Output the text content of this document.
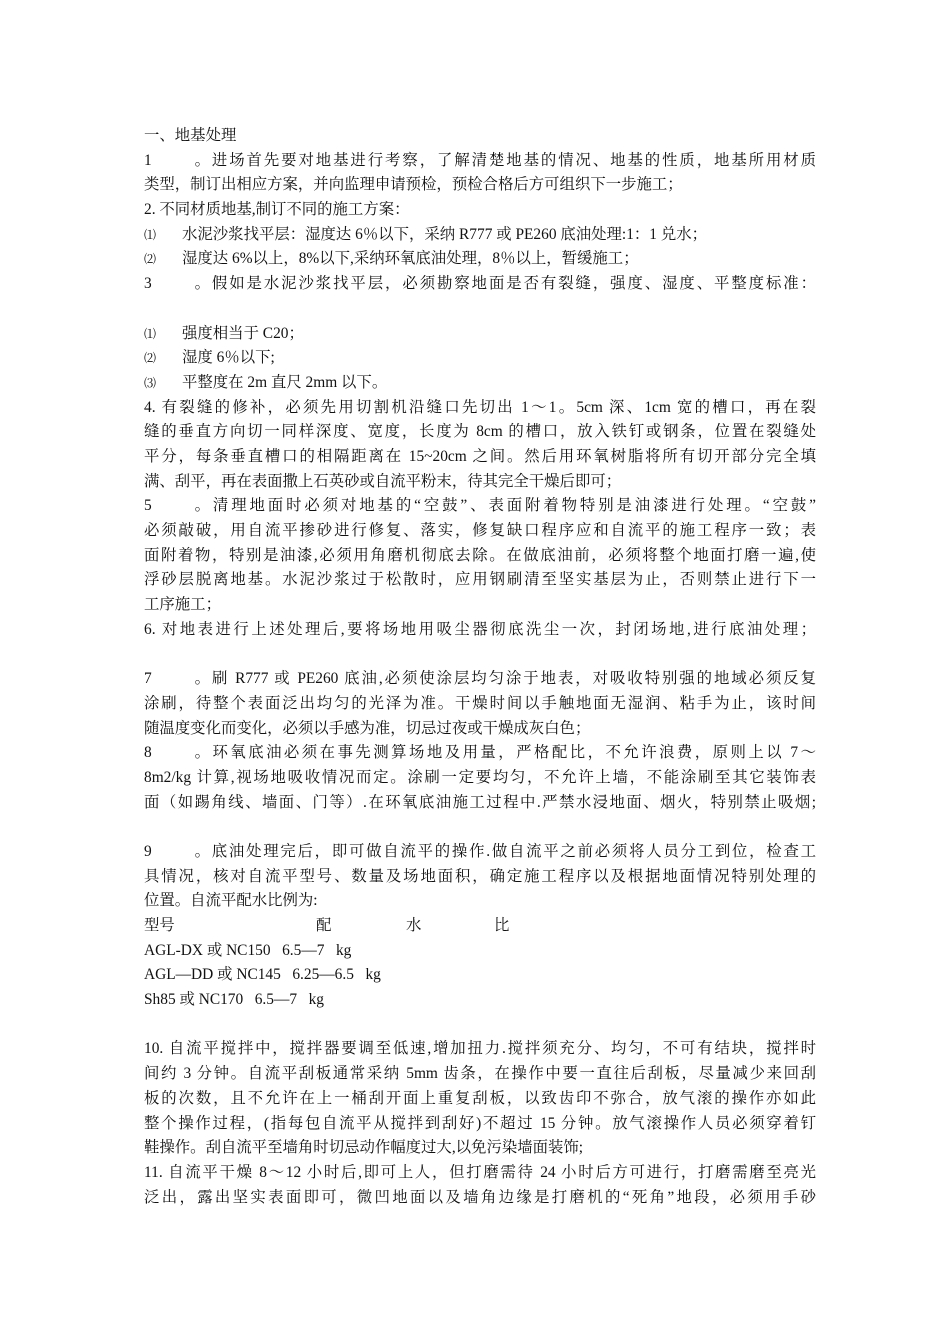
一、地基处理
1。进场首先要对地基进行考察，了解清楚地基的情况、地基的性质，地基所用材质
类型，制订出相应方案，并向监理申请预检，预检合格后方可组织下一步施工；
2. 不同材质地基,制订不同的施工方案：
⑴ 水泥沙浆找平层：湿度达 6％以下，采纳 R777 或 PE260 底油处理:1：1 兑水；
⑵ 湿度达 6%以上，8%以下,采纳环氧底油处理，8％以上，暂缓施工；
3。假如是水泥沙浆找平层，必须勘察地面是否有裂缝，强度、湿度、平整度标准：
⑴ 强度相当于 C20；
⑵ 湿度 6％以下;
⑶ 平整度在 2m 直尺 2mm 以下。
4. 有裂缝的修补，必须先用切割机沿缝口先切出 1～1。5cm 深、1cm 宽的槽口，再在裂
缝的垂直方向切一同样深度、宽度，长度为 8cm 的槽口，放入铁钉或钢条，位置在裂缝处
平分，每条垂直槽口的相隔距离在 15~20cm 之间。然后用环氧树脂将所有切开部分完全填
满、刮平，再在表面撒上石英砂或自流平粉末，待其完全干燥后即可；
5。清理地面时必须对地基的“空鼓”、表面附着物特别是油漆进行处理。“空鼓”
必须敲破，用自流平掺砂进行修复、落实，修复缺口程序应和自流平的施工程序一致；表
面附着物，特别是油漆,必须用角磨机彻底去除。在做底油前，必须将整个地面打磨一遍,使
浮砂层脱离地基。水泥沙浆过于松散时，应用钢刷清至坚实基层为止，否则禁止进行下一
工序施工；
6. 对地表进行上述处理后,要将场地用吸尘器彻底洗尘一次，封闭场地,进行底油处理；
7。刷 R777 或 PE260 底油,必须使涂层均匀涂于地表，对吸收特别强的地域必须反复
涂刷，待整个表面泛出均匀的光泽为准。干燥时间以手触地面无湿润、粘手为止，该时间
随温度变化而变化，必须以手感为准，切忌过夜或干燥成灰白色；
8。环氧底油必须在事先测算场地及用量，严格配比，不允许浪费，原则上以 7～
8m2/kg 计算,视场地吸收情况而定。涂刷一定要均匀，不允许上墙，不能涂刷至其它装饰表
面（如踢角线、墙面、门等）.在环氧底油施工过程中.严禁水浸地面、烟火，特别禁止吸烟;
9。底油处理完后，即可做自流平的操作.做自流平之前必须将人员分工到位，检查工
具情况，核对自流平型号、数量及场地面积，确定施工程序以及根据地面情况特别处理的
位置。自流平配水比例为:
型号	配	水	比
AGL-DX 或 NC150   6.5—7   kg
AGL—DD 或 NC145   6.25—6.5   kg
Sh85 或 NC170   6.5—7   kg
10. 自流平搅拌中，搅拌器要调至低速,增加扭力.搅拌须充分、均匀，不可有结块，搅拌时
间约 3 分钟。自流平刮板通常采纳 5mm 齿条，在操作中要一直往后刮板，尽量减少来回刮
板的次数，且不允许在上一桶刮开面上重复刮板，以致齿印不弥合，放气滚的操作亦如此
整个操作过程，(指每包自流平从搅拌到刮好)不超过 15 分钟。放气滚操作人员必须穿着钉
鞋操作。刮自流平至墙角时切忌动作幅度过大,以免污染墙面装饰;
11. 自流平干燥 8～12 小时后,即可上人，但打磨需待 24 小时后方可进行，打磨需磨至亮光
泛出，露出坚实表面即可，微凹地面以及墙角边缘是打磨机的“死角”地段，必须用手砂
